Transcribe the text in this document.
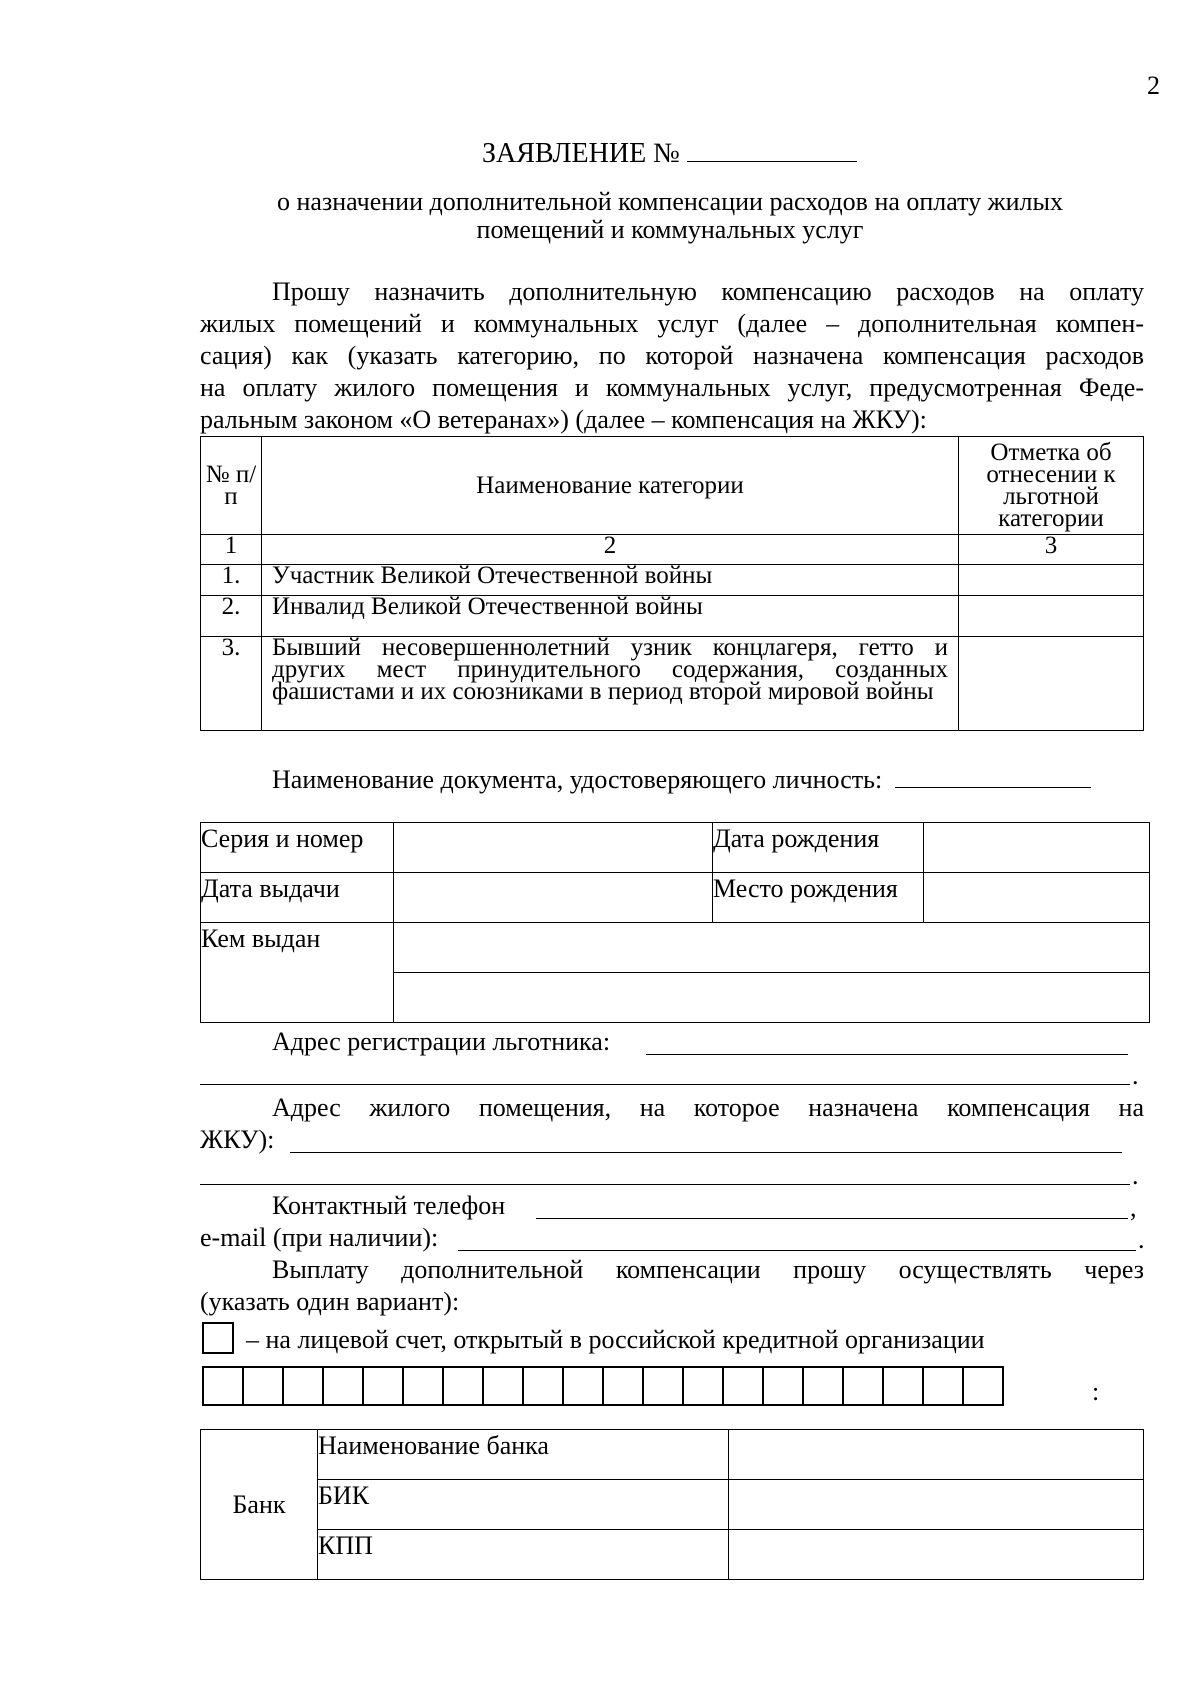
2
ЗАЯВЛЕНИЕ №
о назначении дополнительной компенсации расходов на оплату жилых
помещений и коммунальных услуг
Прошу назначить дополнительную компенсацию расходов на оплату
жилых помещений и коммунальных услуг (далее – дополнительная компен-
сация) как (указать категорию, по которой назначена компенсация расходов
на оплату жилого помещения и коммунальных услуг, предусмотренная Феде-
ральным законом «О ветеранах») (далее – компенсация на ЖКУ):
№ п/п	Наименование категории	Отметка об отнесении к льготной категории
1	2	3
1.	Участник Великой Отечественной войны	
2.	Инвалид Великой Отечественной войны	
3.	Бывший несовершеннолетний узник концлагеря, гетто и других мест принудительного содержания, созданных фашистами и их союзниками в период второй мировой войны	
Наименование документа, удостоверяющего личность:
Серия и номер		Дата рождения	
Дата выдачи		Место рождения	
Кем выдан			

Адрес регистрации льготника:
.
Адрес жилого помещения, на которое назначена компенсация на
ЖКУ):
.
Контактный телефон	,
e-mail (при наличии):	.
Выплату дополнительной компенсации прошу осуществлять через
(указать один вариант):
– на лицевой счет, открытый в российской кредитной организации
:
Банк	Наименование банка	
	БИК	
	КПП	
